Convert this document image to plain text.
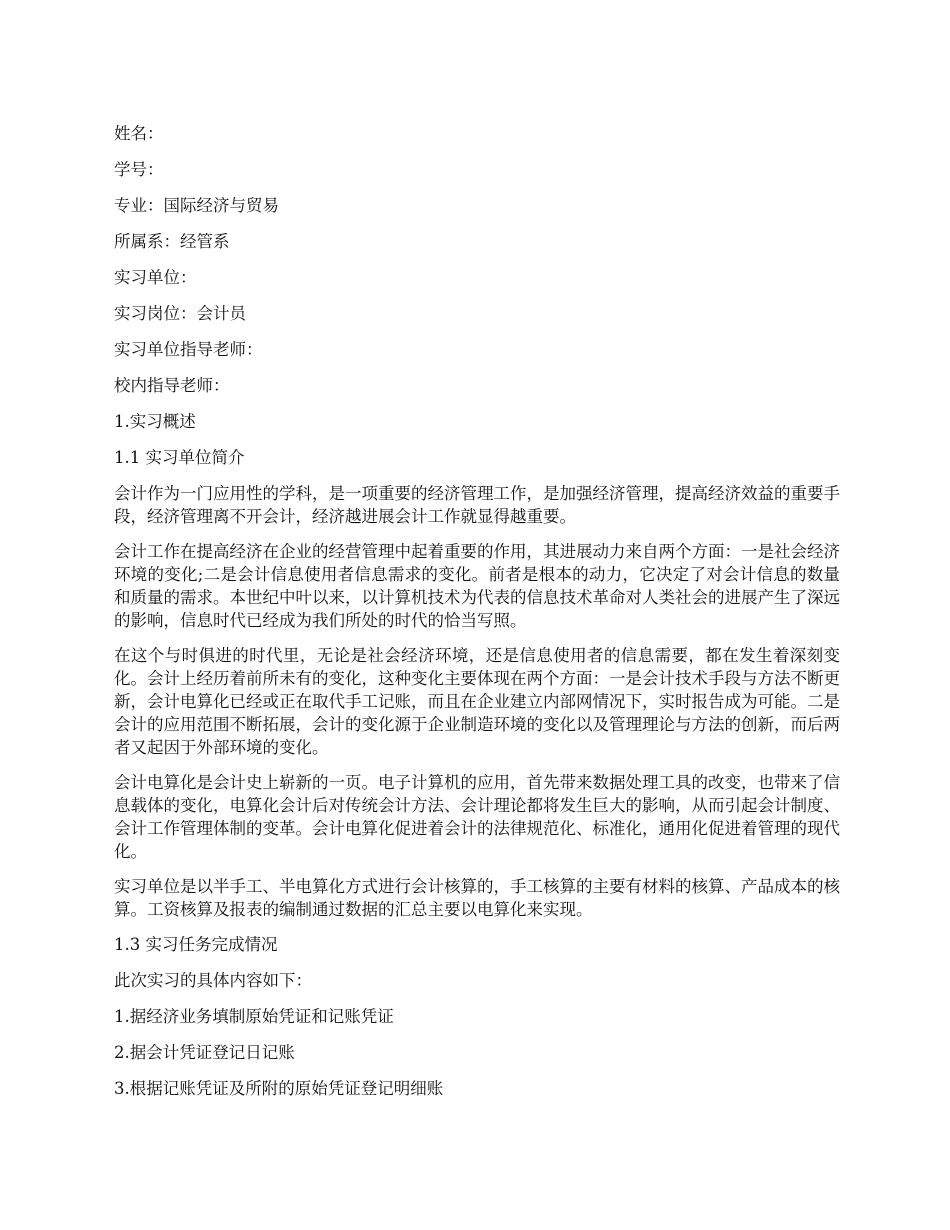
姓名：
学号：
专业：国际经济与贸易
所属系：经管系
实习单位：
实习岗位：会计员
实习单位指导老师：
校内指导老师：
1.实习概述
1.1 实习单位简介

会计作为一门应用性的学科，是一项重要的经济管理工作，是加强经济管理，提高经济效益的重要手段，经济管理离不开会计，经济越进展会计工作就显得越重要。

会计工作在提高经济在企业的经营管理中起着重要的作用，其进展动力来自两个方面：一是社会经济环境的变化;二是会计信息使用者信息需求的变化。前者是根本的动力，它决定了对会计信息的数量和质量的需求。本世纪中叶以来，以计算机技术为代表的信息技术革命对人类社会的进展产生了深远的影响，信息时代已经成为我们所处的时代的恰当写照。

在这个与时俱进的时代里，无论是社会经济环境，还是信息使用者的信息需要，都在发生着深刻变化。会计上经历着前所未有的变化，这种变化主要体现在两个方面：一是会计技术手段与方法不断更新，会计电算化已经或正在取代手工记账，而且在企业建立内部网情况下，实时报告成为可能。二是会计的应用范围不断拓展，会计的变化源于企业制造环境的变化以及管理理论与方法的创新，而后两者又起因于外部环境的变化。

会计电算化是会计史上崭新的一页。电子计算机的应用，首先带来数据处理工具的改变，也带来了信息载体的变化，电算化会计后对传统会计方法、会计理论都将发生巨大的影响，从而引起会计制度、会计工作管理体制的变革。会计电算化促进着会计的法律规范化、标准化，通用化促进着管理的现代化。

实习单位是以半手工、半电算化方式进行会计核算的，手工核算的主要有材料的核算、产品成本的核算。工资核算及报表的编制通过数据的汇总主要以电算化来实现。

1.3 实习任务完成情况
此次实习的具体内容如下：
1.据经济业务填制原始凭证和记账凭证
2.据会计凭证登记日记账
3.根据记账凭证及所附的原始凭证登记明细账
